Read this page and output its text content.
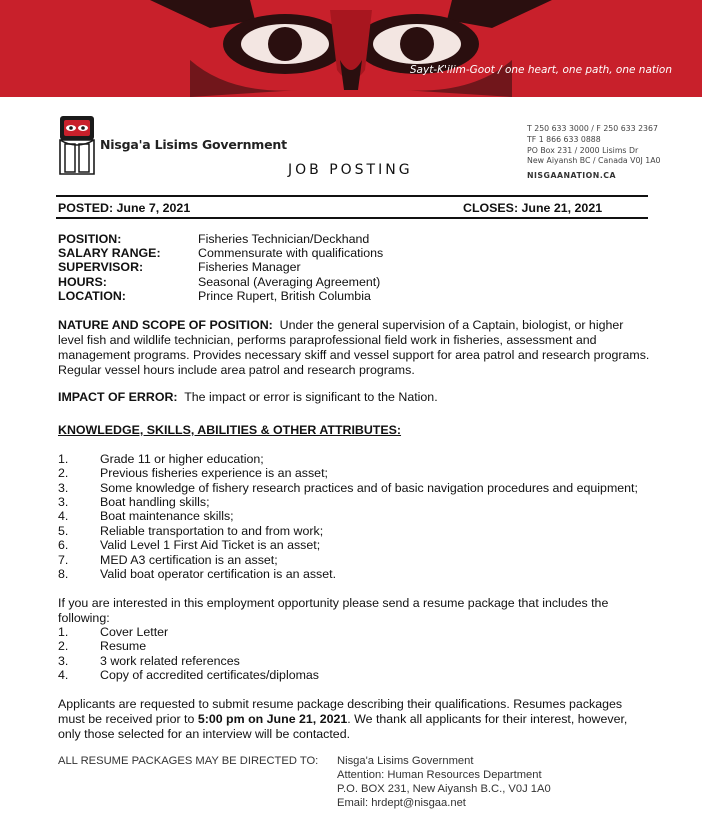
Sayt-K'ilim-Goot / one heart, one path, one nation
Nisga'a Lisims Government
JOB POSTING
T 250 633 3000 / F 250 633 2367
TF 1 866 633 0888
PO Box 231 / 2000 Lisims Dr
New Aiyansh BC / Canada V0J 1A0
NISGAANATION.CA
POSTED: June 7, 2021	CLOSES: June 21, 2021
POSITION:	Fisheries Technician/Deckhand
SALARY RANGE:	Commensurate with qualifications
SUPERVISOR:	Fisheries Manager
HOURS:	Seasonal (Averaging Agreement)
LOCATION:	Prince Rupert, British Columbia
NATURE AND SCOPE OF POSITION: Under the general supervision of a Captain, biologist, or higher level fish and wildlife technician, performs paraprofessional field work in fisheries, assessment and management programs. Provides necessary skiff and vessel support for area patrol and research programs. Regular vessel hours include area patrol and research programs.
IMPACT OF ERROR: The impact or error is significant to the Nation.
KNOWLEDGE, SKILLS, ABILITIES & OTHER ATTRIBUTES:
1.	Grade 11 or higher education;
2.	Previous fisheries experience is an asset;
3.	Some knowledge of fishery research practices and of basic navigation procedures and equipment;
3.	Boat handling skills;
4.	Boat maintenance skills;
5.	Reliable transportation to and from work;
6.	Valid Level 1 First Aid Ticket is an asset;
7.	MED A3 certification is an asset;
8.	Valid boat operator certification is an asset.
If you are interested in this employment opportunity please send a resume package that includes the following:
1.	Cover Letter
2.	Resume
3.	3 work related references
4.	Copy of accredited certificates/diplomas
Applicants are requested to submit resume package describing their qualifications. Resumes packages must be received prior to 5:00 pm on June 21, 2021. We thank all applicants for their interest, however, only those selected for an interview will be contacted.
ALL RESUME PACKAGES MAY BE DIRECTED TO: Nisga'a Lisims Government
Attention: Human Resources Department
P.O. BOX 231, New Aiyansh B.C., V0J 1A0
Email: hrdept@nisgaa.net
